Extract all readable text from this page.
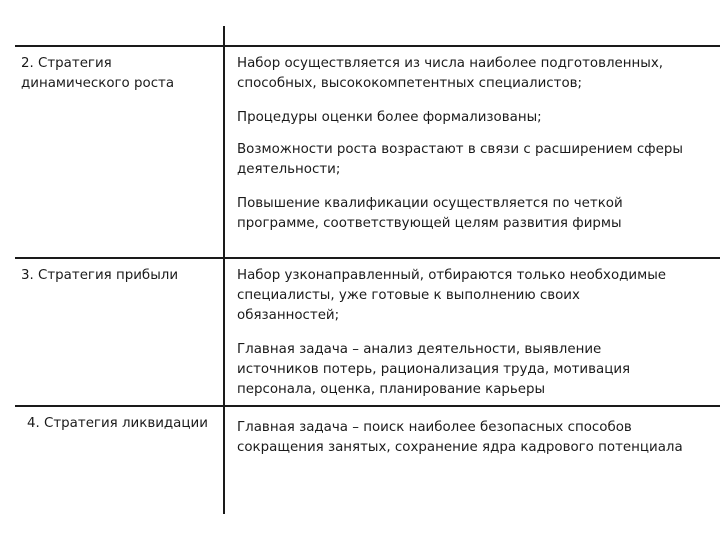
2. Стратегия
динамического роста
Набор осуществляется из числа наиболее подготовленных,
способных, высококомпетентных специалистов;
Процедуры оценки более формализованы;
Возможности роста возрастают в связи с расширением сферы
деятельности;
Повышение квалификации осуществляется по четкой
программе, соответствующей целям развития фирмы
3. Стратегия прибыли	Набор узконаправленный, отбираются только необходимые
специалисты, уже готовые к выполнению своих
обязанностей;
Главная задача – анализ деятельности, выявление
источников потерь, рационализация труда, мотивация
персонала, оценка, планирование карьеры
4. Стратегия ликвидации Главная задача – поиск наиболее безопасных способов
сокращения занятых, сохранение ядра кадрового потенциала
